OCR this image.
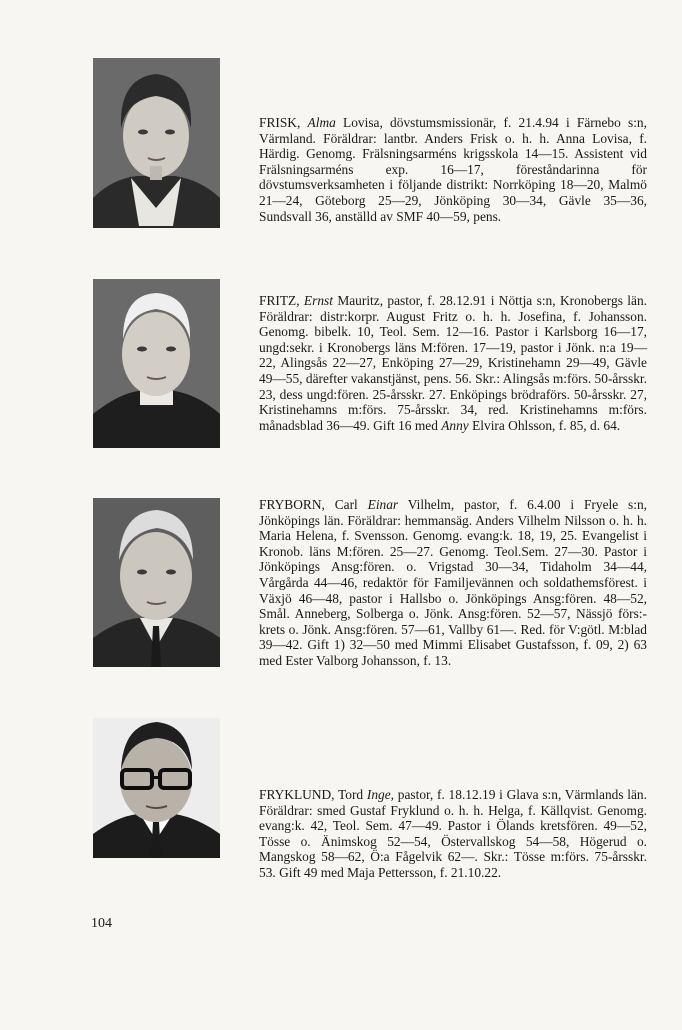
FRISK, Alma Lovisa, dövstumsmissionär, f. 21.4.94 i Färnebo s:n, Värmland. Föräldrar: lantbr. Anders Frisk o. h. h. Anna Lovisa, f. Härdig. Genomg. Frälsningsarméns krigsskola 14—15. Assistent vid Frälsningsarméns exp. 16—17, föreståndarinna för dövstumsverksamheten i följande distrikt: Norrköping 18—20, Malmö 21—24, Göteborg 25—29, Jönköping 30—34, Gävle 35—36, Sundsvall 36, anställd av SMF 40—59, pens.

FRITZ, Ernst Mauritz, pastor, f. 28.12.91 i Nöttja s:n, Kronobergs län. Föräldrar: distr:korpr. August Fritz o. h. h. Josefina, f. Johansson. Genomg. bibelk. 10, Teol. Sem. 12—16. Pastor i Karlsborg 16—17, ungd:sekr. i Kronobergs läns M:fören. 17—19, pastor i Jönk. n:a 19—22, Alingsås 22—27, Enköping 27—29, Kristinehamn 29—49, Gävle 49—55, därefter vakanstjänst, pens. 56. Skr.: Alingsås m:förs. 50-årsskr. 23, dess ungd:fören. 25-årsskr. 27. Enköpings brödraförs. 50-årsskr. 27, Kristinehamns m:förs. 75-årsskr. 34, red. Kristinehamns m:förs. månadsblad 36—49. Gift 16 med Anny Elvira Ohlsson, f. 85, d. 64.

FRYBORN, Carl Einar Vilhelm, pastor, f. 6.4.00 i Fryele s:n, Jönköpings län. Föräldrar: hemmansäg. Anders Vilhelm Nilsson o. h. h. Maria Helena, f. Svensson. Genomg. evang:k. 18, 19, 25. Evangelist i Kronob. läns M:fören. 25—27. Genomg. Teol.Sem. 27—30. Pastor i Jönköpings Ansg:fören. o. Vrigstad 30—34, Tidaholm 34—44, Vårgårda 44—46, redaktör för Familjevännen och soldathemsförest. i Växjö 46—48, pastor i Hallsbo o. Jönköpings Ansg:fören. 48—52, Smål. Anneberg, Solberga o. Jönk. Ansg:fören. 52—57, Nässjö förs:krets o. Jönk. Ansg:fören. 57—61, Vallby 61—. Red. för V:götl. M:blad 39—42. Gift 1) 32—50 med Mimmi Elisabet Gustafsson, f. 09, 2) 63 med Ester Valborg Johansson, f. 13.

FRYKLUND, Tord Inge, pastor, f. 18.12.19 i Glava s:n, Värmlands län. Föräldrar: smed Gustaf Fryklund o. h. h. Helga, f. Källqvist. Genomg. evang:k. 42, Teol. Sem. 47—49. Pastor i Ölands kretsfören. 49—52, Tösse o. Änimskog 52—54, Östervallskog 54—58, Högerud o. Mangskog 58—62, Ö:a Fågelvik 62—. Skr.: Tösse m:förs. 75-årsskr. 53. Gift 49 med Maja Pettersson, f. 21.10.22.

104
